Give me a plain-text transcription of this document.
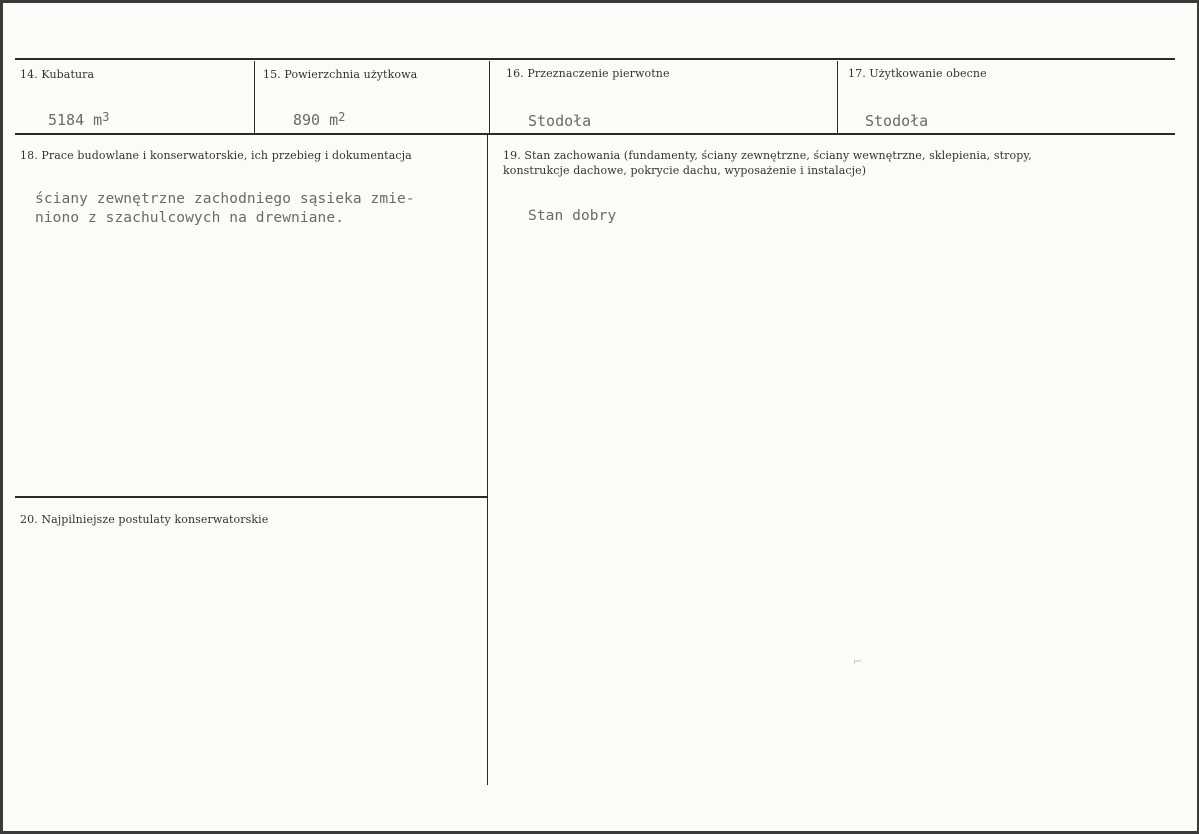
14. Kubatura
5184 $m^3$
15. Powierzchnia użytkowa
890 $m^2$
16. Przeznaczenie pierwotne
Stodoła
17. Użytkowanie obecne
Stodoła
18. Prace budowlane i konserwatorskie, ich przebieg i dokumentacja
ściany zewnętrzne zachodniego sąsieka zmie-
niono z szachulcowych na drewniane.
19. Stan zachowania (fundamenty, ściany zewnętrzne, ściany wewnętrzne, sklepienia, stropy, konstrukcje dachowe, pokrycie dachu, wyposażenie i instalacje)
Stan dobry
20. Najpilniejsze postulaty konserwatorskie
⌐
